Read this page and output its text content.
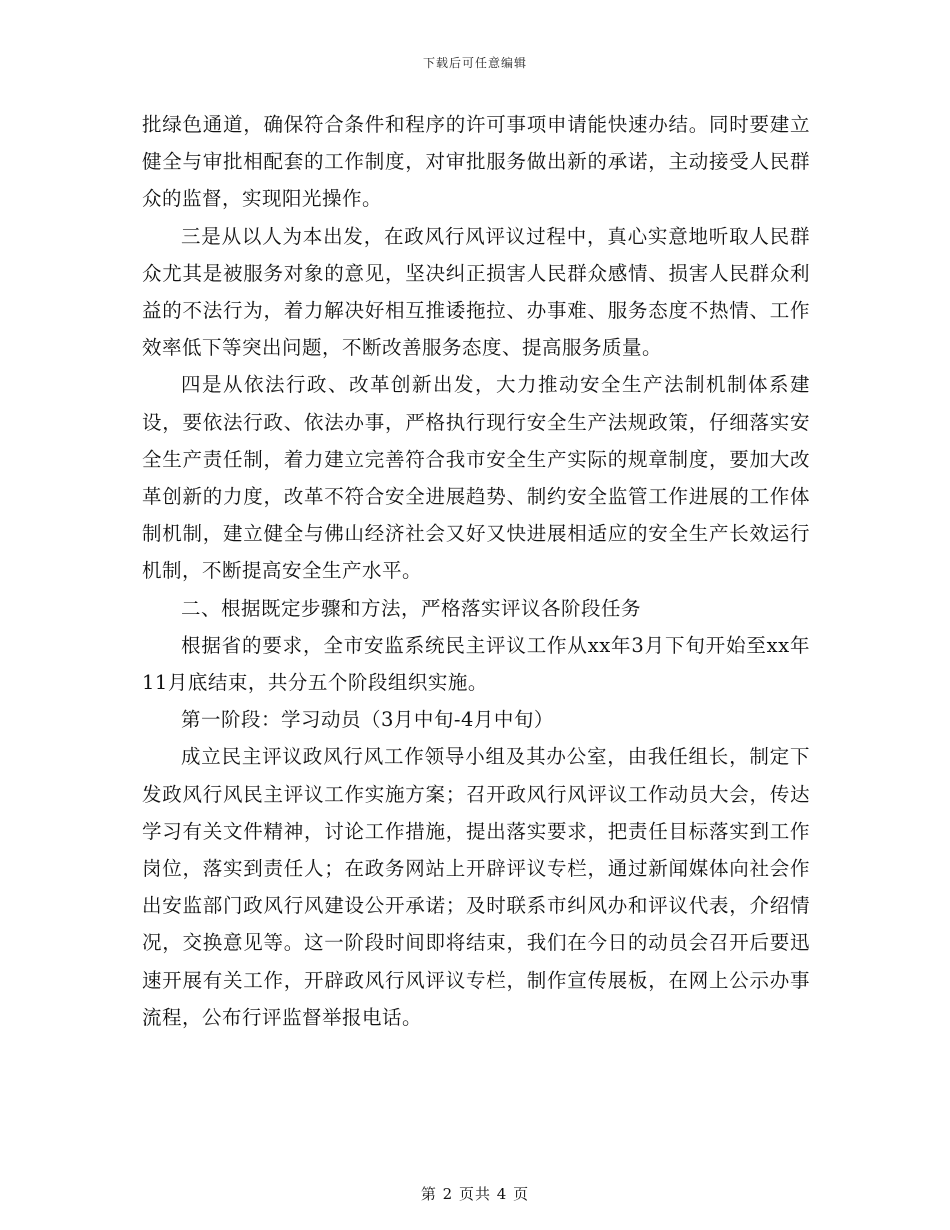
下载后可任意编辑

批绿色通道，确保符合条件和程序的许可事项申请能快速办结。同时要建立健全与审批相配套的工作制度，对审批服务做出新的承诺，主动接受人民群众的监督，实现阳光操作。

三是从以人为本出发，在政风行风评议过程中，真心实意地听取人民群众尤其是被服务对象的意见，坚决纠正损害人民群众感情、损害人民群众利益的不法行为，着力解决好相互推诿拖拉、办事难、服务态度不热情、工作效率低下等突出问题，不断改善服务态度、提高服务质量。

四是从依法行政、改革创新出发，大力推动安全生产法制机制体系建设，要依法行政、依法办事，严格执行现行安全生产法规政策，仔细落实安全生产责任制，着力建立完善符合我市安全生产实际的规章制度，要加大改革创新的力度，改革不符合安全进展趋势、制约安全监管工作进展的工作体制机制，建立健全与佛山经济社会又好又快进展相适应的安全生产长效运行机制，不断提高安全生产水平。

二、根据既定步骤和方法，严格落实评议各阶段任务

根据省的要求，全市安监系统民主评议工作从xx年3月下旬开始至xx年11月底结束，共分五个阶段组织实施。

第一阶段：学习动员（3月中旬-4月中旬）

成立民主评议政风行风工作领导小组及其办公室，由我任组长，制定下发政风行风民主评议工作实施方案；召开政风行风评议工作动员大会，传达学习有关文件精神，讨论工作措施，提出落实要求，把责任目标落实到工作岗位，落实到责任人；在政务网站上开辟评议专栏，通过新闻媒体向社会作出安监部门政风行风建设公开承诺；及时联系市纠风办和评议代表，介绍情况，交换意见等。这一阶段时间即将结束，我们在今日的动员会召开后要迅速开展有关工作，开辟政风行风评议专栏，制作宣传展板，在网上公示办事流程，公布行评监督举报电话。

第 2 页共 4 页
